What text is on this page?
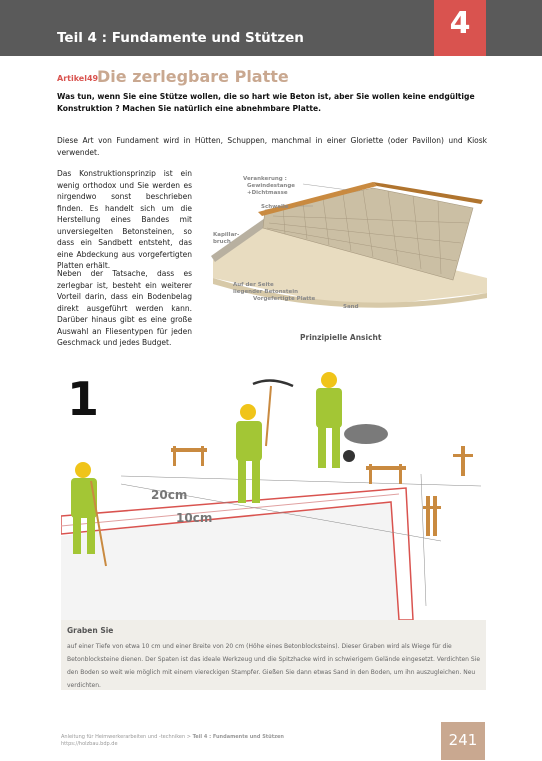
Teil 4 : Fundamente und Stützen	4
Artikel49
Die zerlegbare Platte
Was tun, wenn Sie eine Stütze wollen, die so hart wie Beton ist, aber Sie wollen keine endgültige Konstruktion ? Machen Sie natürlich eine abnehmbare Platte.
Diese Art von Fundament wird in Hütten, Schuppen, manchmal in einer Gloriette (oder Pavillon) und Kiosk verwendet.
Das Konstruktionsprinzip ist ein wenig orthodox und Sie werden es nirgendwo sonst beschrieben finden. Es handelt sich um die Herstellung eines Bandes mit unversiegelten Betonsteinen, so dass ein Sandbett entsteht, das eine Abdeckung aus vorgefertigten Platten erhält.
Neben der Tatsache, dass es zerlegbar ist, besteht ein weiterer Vorteil darin, dass ein Bodenbelag direkt ausgeführt werden kann. Darüber hinaus gibt es eine große Auswahl an Fliesentypen für jeden Geschmack und jedes Budget.
Verankerung :
Gewindestange
+Dichtmasse
Schwelle
Kapillar-
bruch
Auf der Seite
liegender Betonstein
Vorgefertigte Platte
Sand
Prinzipielle Ansicht
20cm
10cm
1
Graben Sie
auf einer Tiefe von etwa 10 cm und einer Breite von 20 cm (Höhe eines Betonblocksteins). Dieser Graben wird als Wiege für die Betonblocksteine dienen. Der Spaten ist das ideale Werkzeug und die Spitzhacke wird in schwierigem Gelände eingesetzt. Verdichten Sie den Boden so weit wie möglich mit einem viereckigen Stampfer. Gießen Sie dann etwas Sand in den Boden, um ihn auszugleichen. Neu verdichten.
Anleitung für Heimwerkerarbeiten und -techniken > Teil 4 : Fundamente und Stützen
https://holzbau.bdp.de	241
